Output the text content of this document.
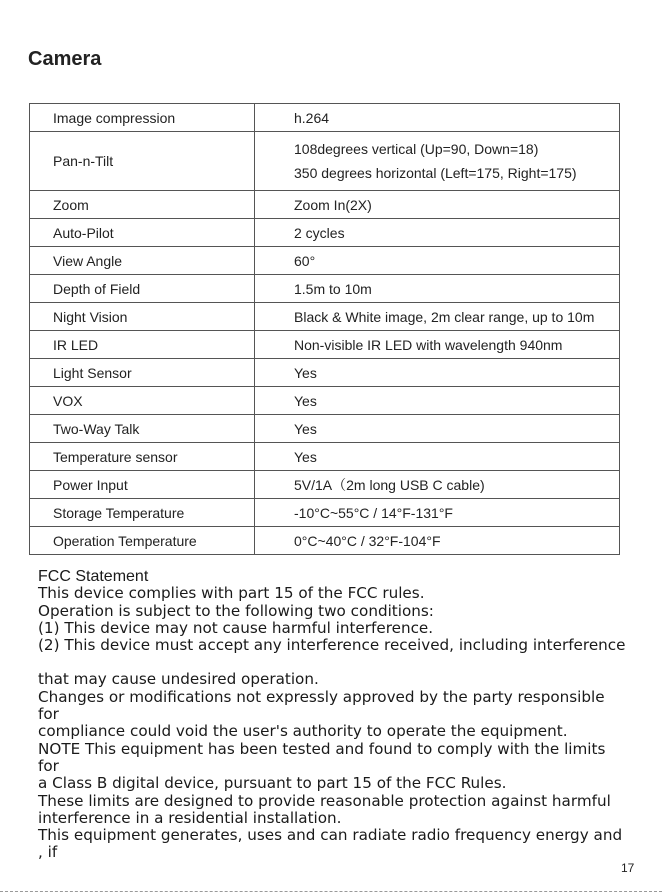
Camera
Image compression	h.264

Pan-n-Tilt	108degrees vertical (Up=90, Down=18)
350 degrees horizontal (Left=175, Right=175)

Zoom	Zoom In(2X)

Auto-Pilot	2 cycles

View Angle	60°

Depth of Field	1.5m to 10m

Night Vision	Black & White image, 2m clear range, up to 10m

IR LED	Non-visible IR LED with wavelength 940nm

Light Sensor	Yes

VOX	Yes

Two-Way Talk	Yes

Temperature sensor	Yes

Power Input	5V/1A（2m long USB C cable)

Storage Temperature	-10°C~55°C / 14°F-131°F

Operation Temperature	0°C~40°C / 32°F-104°F
FCC Statement
This device complies with part 15 of the FCC rules.
Operation is subject to the following two conditions:
(1) This device may not cause harmful interference.
(2) This device must accept any interference received, including interference
that may cause undesired operation.
Changes or modifications not expressly approved by the party responsible
for
compliance could void the user's authority to operate the equipment.
NOTE This equipment has been tested and found to comply with the limits
for
a Class B digital device, pursuant to part 15 of the FCC Rules.
These limits are designed to provide reasonable protection against harmful
interference in a residential installation.
This equipment generates, uses and can radiate radio frequency energy and
, if
17
